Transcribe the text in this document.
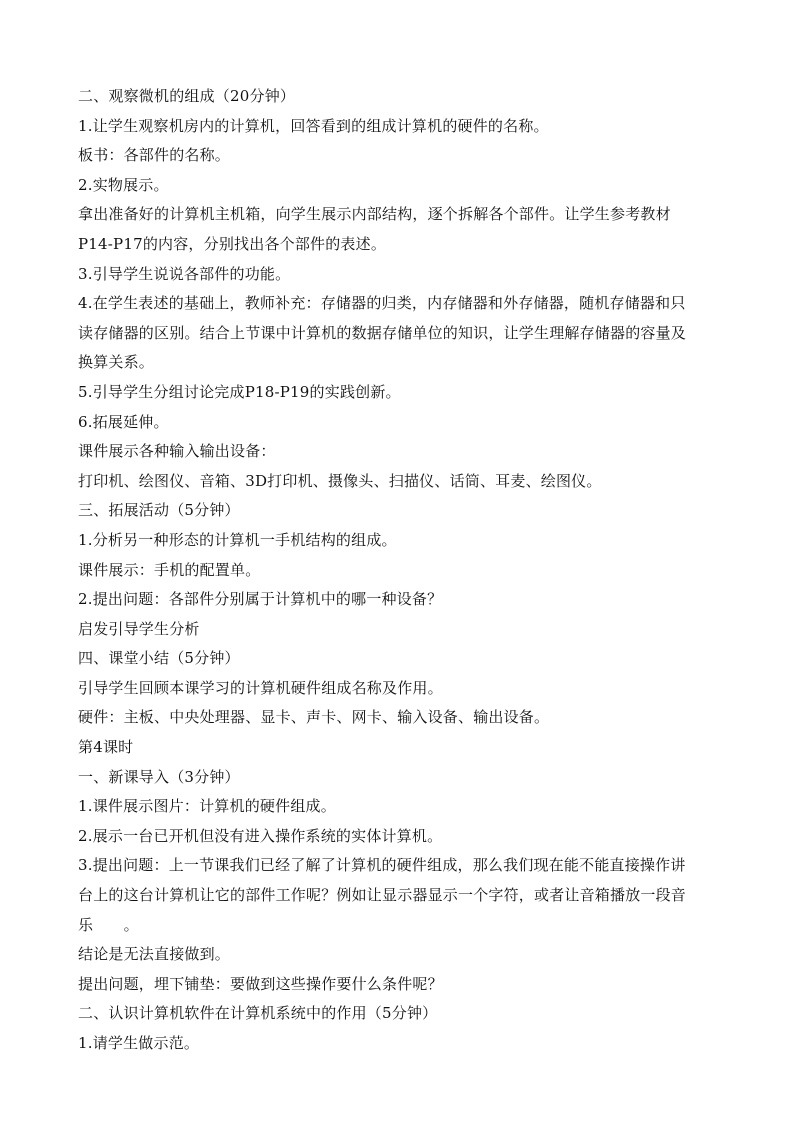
二、观察微机的组成（20分钟）
1.让学生观察机房内的计算机，回答看到的组成计算机的硬件的名称。
板书：各部件的名称。
2.实物展示。
拿出准备好的计算机主机箱，向学生展示内部结构，逐个拆解各个部件。让学生参考教材
P14-P17的内容，分别找出各个部件的表述。
3.引导学生说说各部件的功能。
4.在学生表述的基础上，教师补充：存储器的归类，内存储器和外存储器，随机存储器和只
读存储器的区别。结合上节课中计算机的数据存储单位的知识，让学生理解存储器的容量及
换算关系。
5.引导学生分组讨论完成P18-P19的实践创新。
6.拓展延伸。
课件展示各种输入输出设备：
打印机、绘图仪、音箱、3D打印机、摄像头、扫描仪、话筒、耳麦、绘图仪。
三、拓展活动（5分钟）
1.分析另一种形态的计算机一手机结构的组成。
课件展示：手机的配置单。
2.提出问题：各部件分别属于计算机中的哪一种设备？
启发引导学生分析
四、课堂小结（5分钟）
引导学生回顾本课学习的计算机硬件组成名称及作用。
硬件：主板、中央处理器、显卡、声卡、网卡、输入设备、输出设备。
第4课时
一、新课导入（3分钟）
1.课件展示图片：计算机的硬件组成。
2.展示一台已开机但没有进入操作系统的实体计算机。
3.提出问题：上一节课我们已经了解了计算机的硬件组成，那么我们现在能不能直接操作讲
台上的这台计算机让它的部件工作呢？例如让显示器显示一个字符，或者让音箱播放一段音
乐　　。
结论是无法直接做到。
提出问题，埋下铺垫：要做到这些操作要什么条件呢？
二、认识计算机软件在计算机系统中的作用（5分钟）
1.请学生做示范。
